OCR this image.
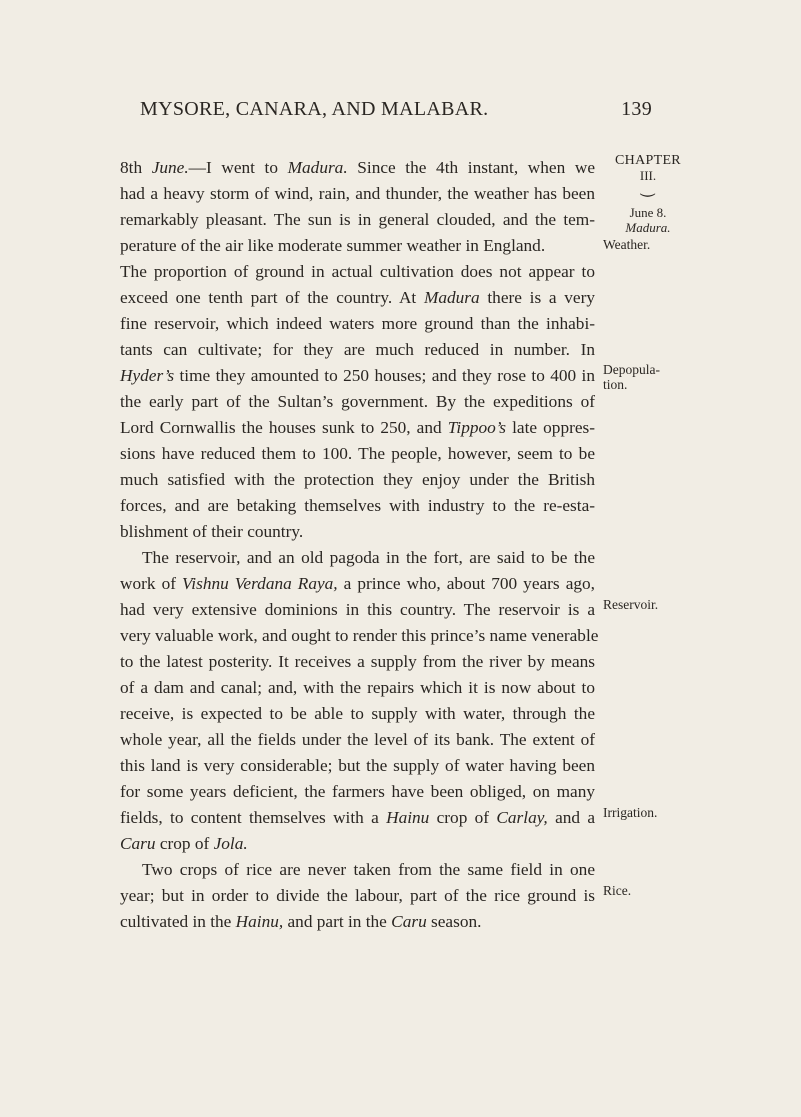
MYSORE, CANARA, AND MALABAR.	139
CHAPTER
III.
⏝
June 8.
Madura.
Weather.
Depopula-
tion.
Reservoir.
Irrigation.
Rice.
8th June.—I went to Madura. Since the 4th instant, when we
had a heavy storm of wind, rain, and thunder, the weather has been
remarkably pleasant. The sun is in general clouded, and the tem-
perature of the air like moderate summer weather in England.
The proportion of ground in actual cultivation does not appear to
exceed one tenth part of the country. At Madura there is a very
fine reservoir, which indeed waters more ground than the inhabi-
tants can cultivate; for they are much reduced in number. In
Hyder’s time they amounted to 250 houses; and they rose to 400 in
the early part of the Sultan’s government. By the expeditions of
Lord Cornwallis the houses sunk to 250, and Tippoo’s late oppres-
sions have reduced them to 100. The people, however, seem to be
much satisfied with the protection they enjoy under the British
forces, and are betaking themselves with industry to the re-esta-
blishment of their country.
The reservoir, and an old pagoda in the fort, are said to be the
work of Vishnu Verdana Raya, a prince who, about 700 years ago,
had very extensive dominions in this country. The reservoir is a
very valuable work, and ought to render this prince’s name venerable
to the latest posterity. It receives a supply from the river by means
of a dam and canal; and, with the repairs which it is now about to
receive, is expected to be able to supply with water, through the
whole year, all the fields under the level of its bank. The extent of
this land is very considerable; but the supply of water having been
for some years deficient, the farmers have been obliged, on many
fields, to content themselves with a Hainu crop of Carlay, and a
Caru crop of Jola.
Two crops of rice are never taken from the same field in one
year; but in order to divide the labour, part of the rice ground is
cultivated in the Hainu, and part in the Caru season.
